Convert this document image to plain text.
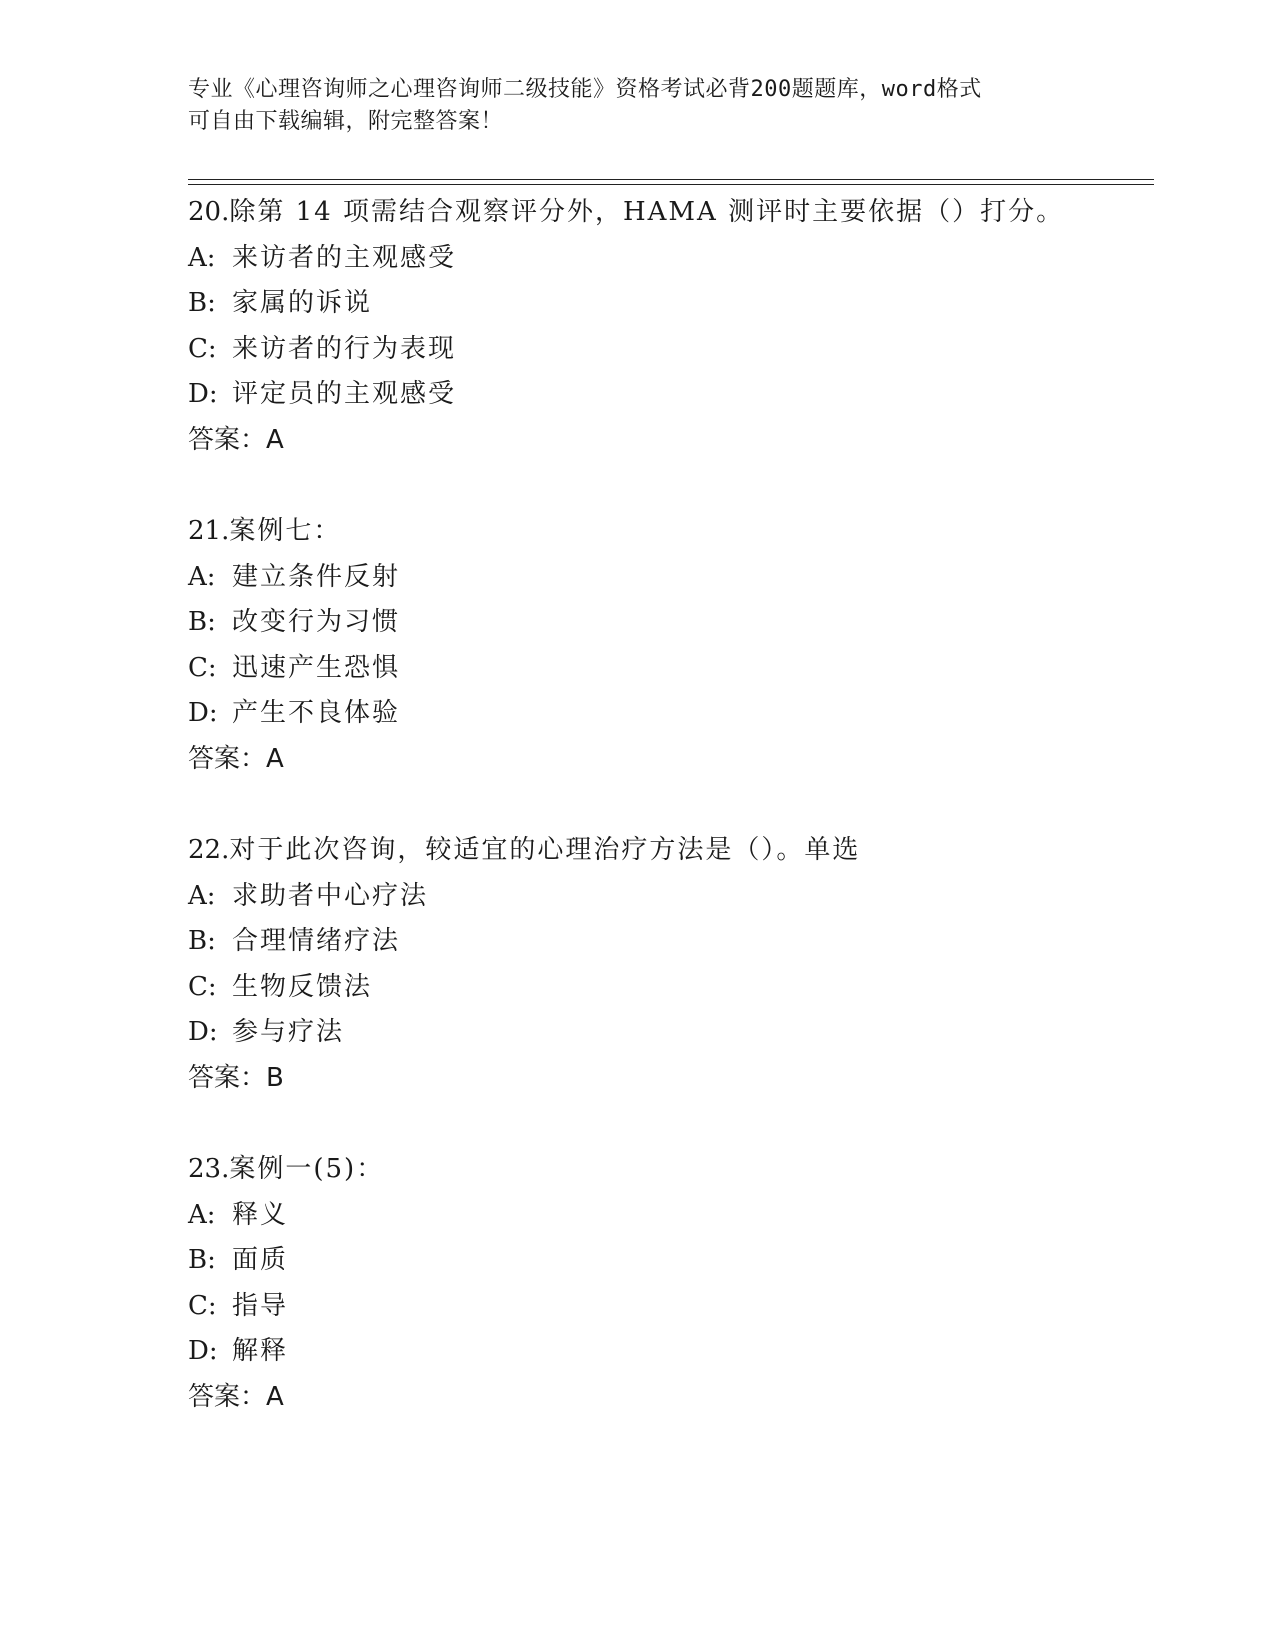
专业《心理咨询师之心理咨询师二级技能》资格考试必背200题题库，word格式
可自由下载编辑，附完整答案！
20.除第 14 项需结合观察评分外，HAMA 测评时主要依据（）打分。
A: 来访者的主观感受
B: 家属的诉说
C: 来访者的行为表现
D: 评定员的主观感受
答案：A
21.案例七：
A: 建立条件反射
B: 改变行为习惯
C: 迅速产生恐惧
D: 产生不良体验
答案：A
22.对于此次咨询，较适宜的心理治疗方法是（）。单选
A: 求助者中心疗法
B: 合理情绪疗法
C: 生物反馈法
D: 参与疗法
答案：B
23.案例一(5)：
A: 释义
B: 面质
C: 指导
D: 解释
答案：A
